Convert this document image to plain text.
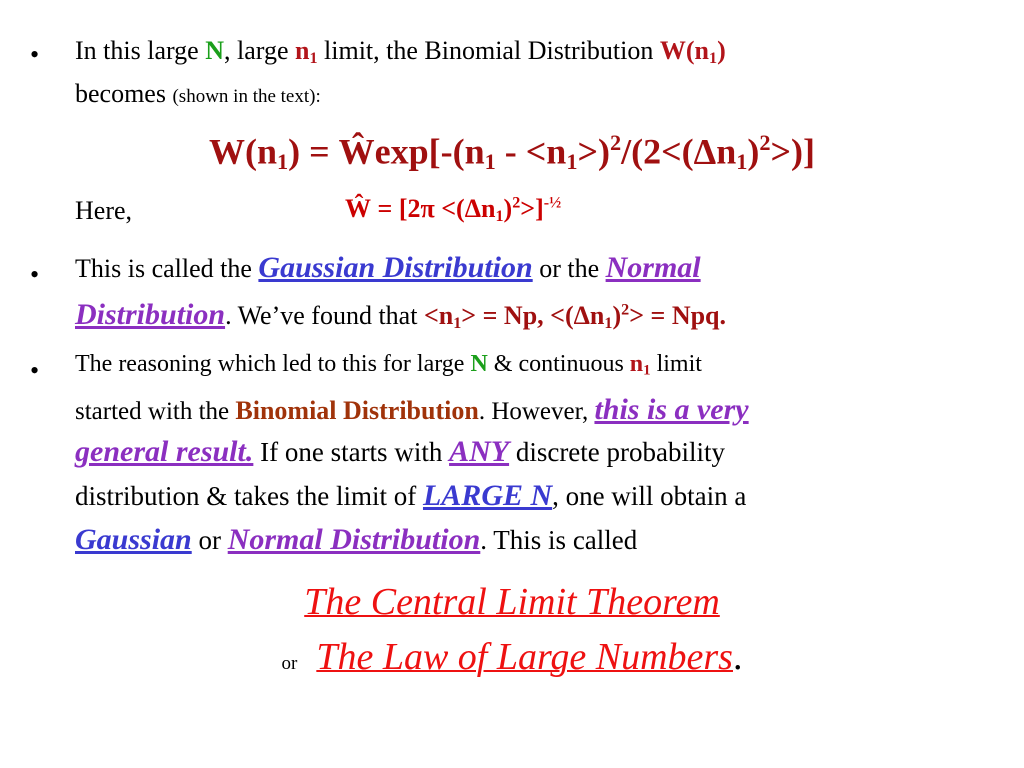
• In this large N, large $n_1$ limit, the Binomial Distribution $W(n_1)$
becomes (shown in the text):
$W(n_1)$ = $Ŵ\exp[-(n_1 - <n_1>)^2/(2<(\Delta n_1)^2>)]$
Here,	Ŵ = $[2\pi <(\Delta n_1)^2>]^{-\frac{1}{2}}$
• This is called the Gaussian Distribution or the Normal
Distribution. We’ve found that $<n_1> = Np$, $<(\Delta n_1)^2>$ = Npq.
• The reasoning which led to this for large N & continuous $n_1$ limit
started with the Binomial Distribution. However, this is a very
general result. If one starts with ANY discrete probability
distribution & takes the limit of LARGE N, one will obtain a
Gaussian or Normal Distribution. This is called
The Central Limit Theorem
or The Law of Large Numbers.
